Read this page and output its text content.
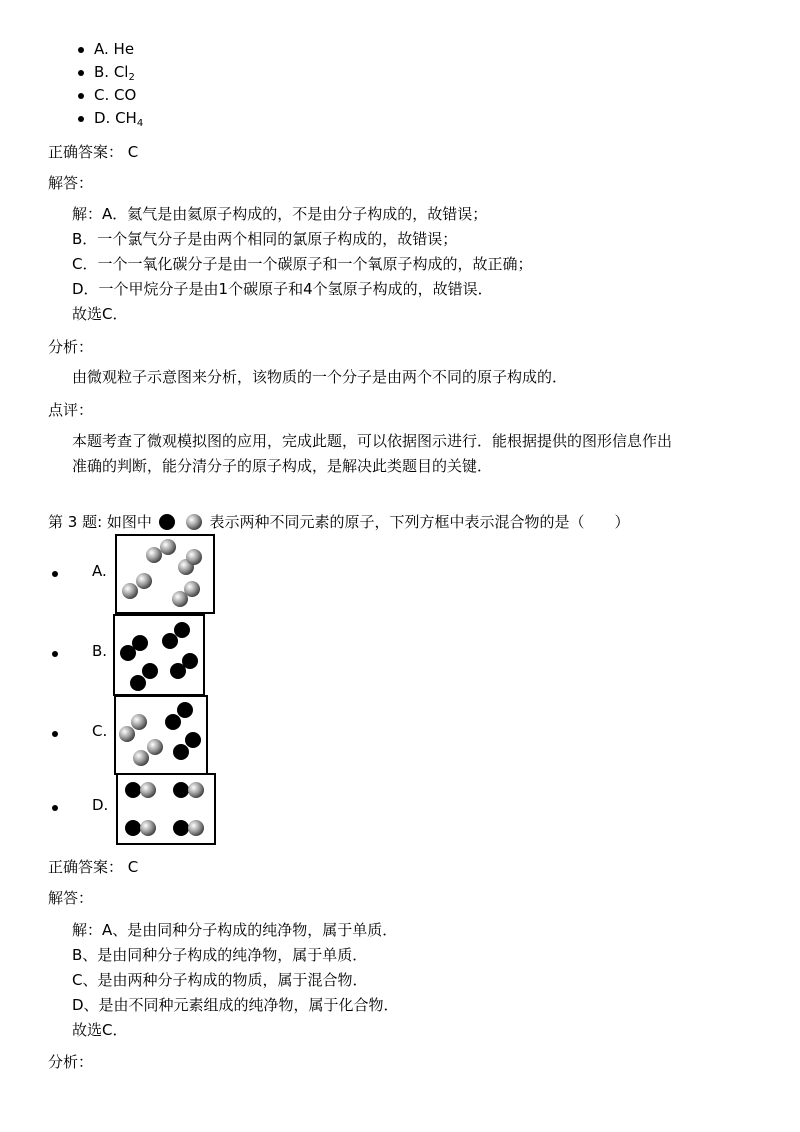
A. He
B. $Cl_2$
C. CO
D. $CH_4$
正确答案： C
解答：
解：A．氦气是由氦原子构成的，不是由分子构成的，故错误；
B．一个氯气分子是由两个相同的氯原子构成的，故错误；
C．一个一氧化碳分子是由一个碳原子和一个氧原子构成的，故正确；
D．一个甲烷分子是由1个碳原子和4个氢原子构成的，故错误．
故选C．
分析：
由微观粒子示意图来分析，该物质的一个分子是由两个不同的原子构成的．
点评：
本题考查了微观模拟图的应用，完成此题，可以依据图示进行．能根据提供的图形信息作出
准确的判断，能分清分子的原子构成，是解决此类题目的关键．
第 3 题: 如图中	表示两种不同元素的原子，下列方框中表示混合物的是（　　）
A.
B.
C.
D.
正确答案： C
解答：
解：A、是由同种分子构成的纯净物，属于单质．
B、是由同种分子构成的纯净物，属于单质．
C、是由两种分子构成的物质，属于混合物．
D、是由不同种元素组成的纯净物，属于化合物．
故选C．
分析：
